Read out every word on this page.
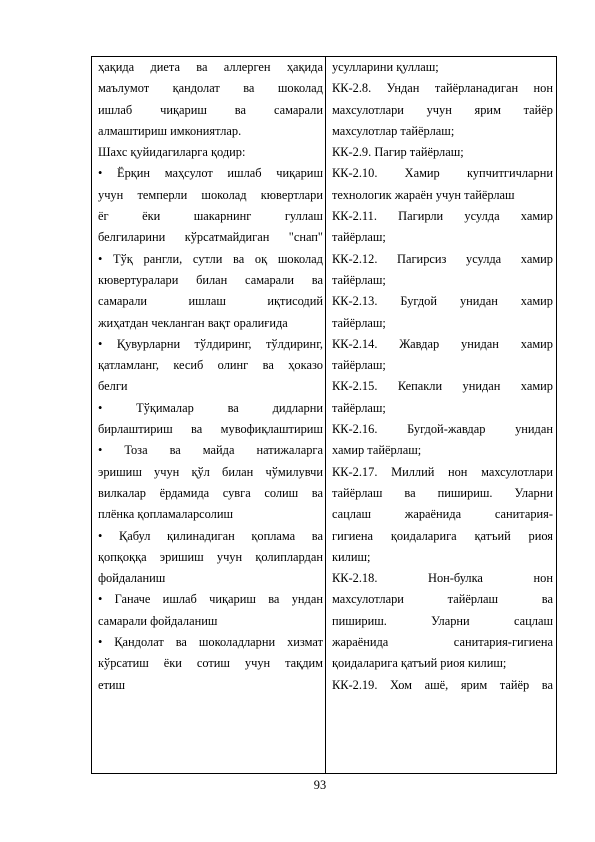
ҳақида диета ва аллерген ҳақида
маълумот қандолат ва шоколад
ишлаб чиқариш ва самарали
алмаштириш имкониятлар.
Шахс қуйидагиларга қодир:
• Ёрқин маҳсулот ишлаб чиқариш
учун темперли шоколад кювертлари
ёг ёки шакарнинг гуллаш
белгиларини кўрсатмайдиган "снап"
• Тўқ рангли, сутли ва оқ шоколад
кювертуралари билан самарали ва
самарали ишлаш иқтисодий
жиҳатдан чекланган вақт оралиғида
• Қувурларни тўлдиринг, тўлдиринг,
қатламланг, кесиб олинг ва ҳоказо
белги
• Тўқималар ва дидларни
бирлаштириш ва мувофиқлаштириш
• Тоза ва майда натижаларга
эришиш учун қўл билан чўмилувчи
вилкалар ёрдамида сувга солиш ва
плёнка қопламаларсолиш
• Қабул қилинадиган қоплама ва
қопқоққа эришиш учун қолиплардан
фойдаланиш
• Ганаче ишлаб чиқариш ва ундан
самарали фойдаланиш
• Қандолат ва шоколадларни хизмат
кўрсатиш ёки сотиш учун тақдим
етиш
усулларини қуллаш;
КК-2.8. Ундан тайёрланадиган нон
махсулотлари учун ярим тайёр
махсулотлар тайёрлаш;
КК-2.9. Пагир тайёрлаш;
КК-2.10. Хамир купчитгичларни
технологик жараён учун тайёрлаш
КК-2.11. Пагирли усулда хамир
тайёрлаш;
КК-2.12. Пагирсиз усулда хамир
тайёрлаш;
КК-2.13. Бугдой унидан хамир
тайёрлаш;
КК-2.14. Жавдар унидан хамир
тайёрлаш;
КК-2.15. Кепакли унидан хамир
тайёрлаш;
КК-2.16. Бугдой-жавдар унидан
хамир тайёрлаш;
КК-2.17. Миллий нон махсулотлари
тайёрлаш ва пишириш. Уларни
сацлаш жараёнида санитария-
гигиена қоидаларига қатъий риоя
килиш;
КК-2.18. Нон-булка нон
махсулотлари тайёрлаш ва
пишириш. Уларни сацлаш
жараёнида санитария-гигиена
қоидаларига қатъий риоя килиш;
КК-2.19. Хом ашё, ярим тайёр ва
93
